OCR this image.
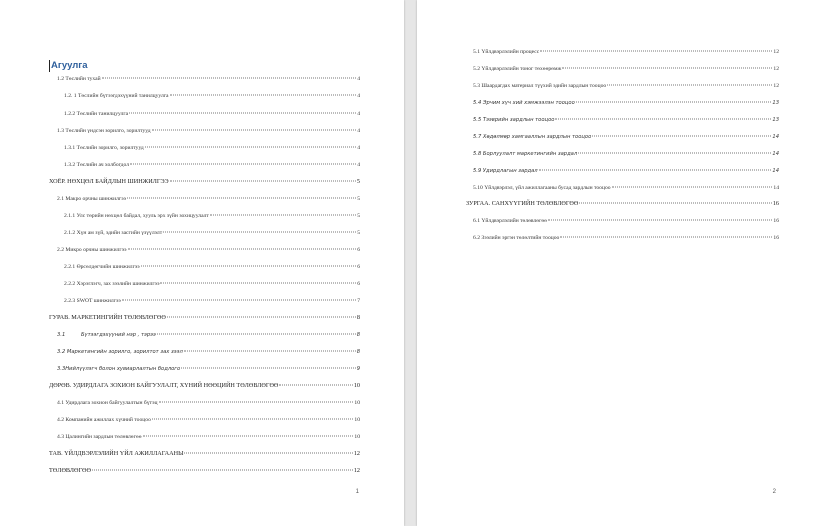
Агуулга
1.2 Төслийн тухай	4
1.2. 1 Төслийн бүтээгдэхүүний танилцуулга	4
1.2.2 Төслийн танилцуулга	4
1.3 Төслийн үндсэн зорилго, зорилтууд	4
1.3.1 Төслийн зорилго, зорилтууд	4
1.3.2 Төслийн ач холбогдол	4
ХОЁР. НӨХЦӨЛ БАЙДЛЫН ШИНЖИЛГЭЭ	5
2.1 Макро орчны шинжилгээ	5
2.1.1 Улс төрийн нөхцөл байдал, хууль эрх зүйн зохицуулалт	5
2.1.2 Хүн ам зүй, эдийн засгийн үзүүлэлт	5
2.2 Микро орчны шинжилгээ	6
2.2.1 Өрсөлдөгчийн шинжилгээ	6
2.2.2 Хэрэглэгч, зах зээлийн шинжилгээ	6
2.2.3 SWOT шинжилгээ	7
ГУРАВ. МАРКЕТИНГИЙН ТӨЛӨВЛӨГӨӨ	8
3.1	Бүтээгдэхүүний нэр , тэрээ	8
3.2 Маркетингийн зорилго, зорилтот зах зээл	8
3.3Нийлүүлэгч болон хувиарлалтын бодлого	9
ДӨРӨВ. УДИРДЛАГА ЗОХИОН БАЙГУУЛАЛТ, ХҮНИЙ НӨӨЦИЙН ТӨЛӨВЛӨГӨӨ	10
4.1 Удирдлага зохион байгуулалтын бүтэц	10
4.2 Компанийн ажиллах хүчний тооцоо	10
4.3 Цалингийн зардлын төлөвлөгөө	10
ТАВ. ҮЙЛДВЭРЛЭЛИЙН ҮЙЛ АЖИЛЛАГААНЫ	12
ТӨЛӨВЛӨГӨӨ	12
1
5.1 Үйлдвэрлэлийн процесс	12
5.2 Үйлдвэрлэлийн тоног төхөөрөмж	12
5.3 Шаардагдах материал түүхий эдийн зардлын тооцоо	12
5.4 Эрчим хүч хий хэмжээлэн тооцоо	13
5.5 Тээврийн зардлын тооцоо	13
5.7 Хөдөлмөр хамгааллын зардлын тооцоо	14
5.8 Борлуулалт маркетингийн зардал	14
5.9 Удирдлагын зардал	14
5.10 Үйлдвэрлэл, үйл ажиллагааны бусад зардлын тооцоо	14
ЗУРГАА. САНХҮҮГИЙН ТӨЛӨВЛӨГӨӨ	16
6.1 Үйлдвэрлэлийн төлөвлөгөө	16
6.2 Зээлийн эргэн төлөлтийн тооцоо	16
2
